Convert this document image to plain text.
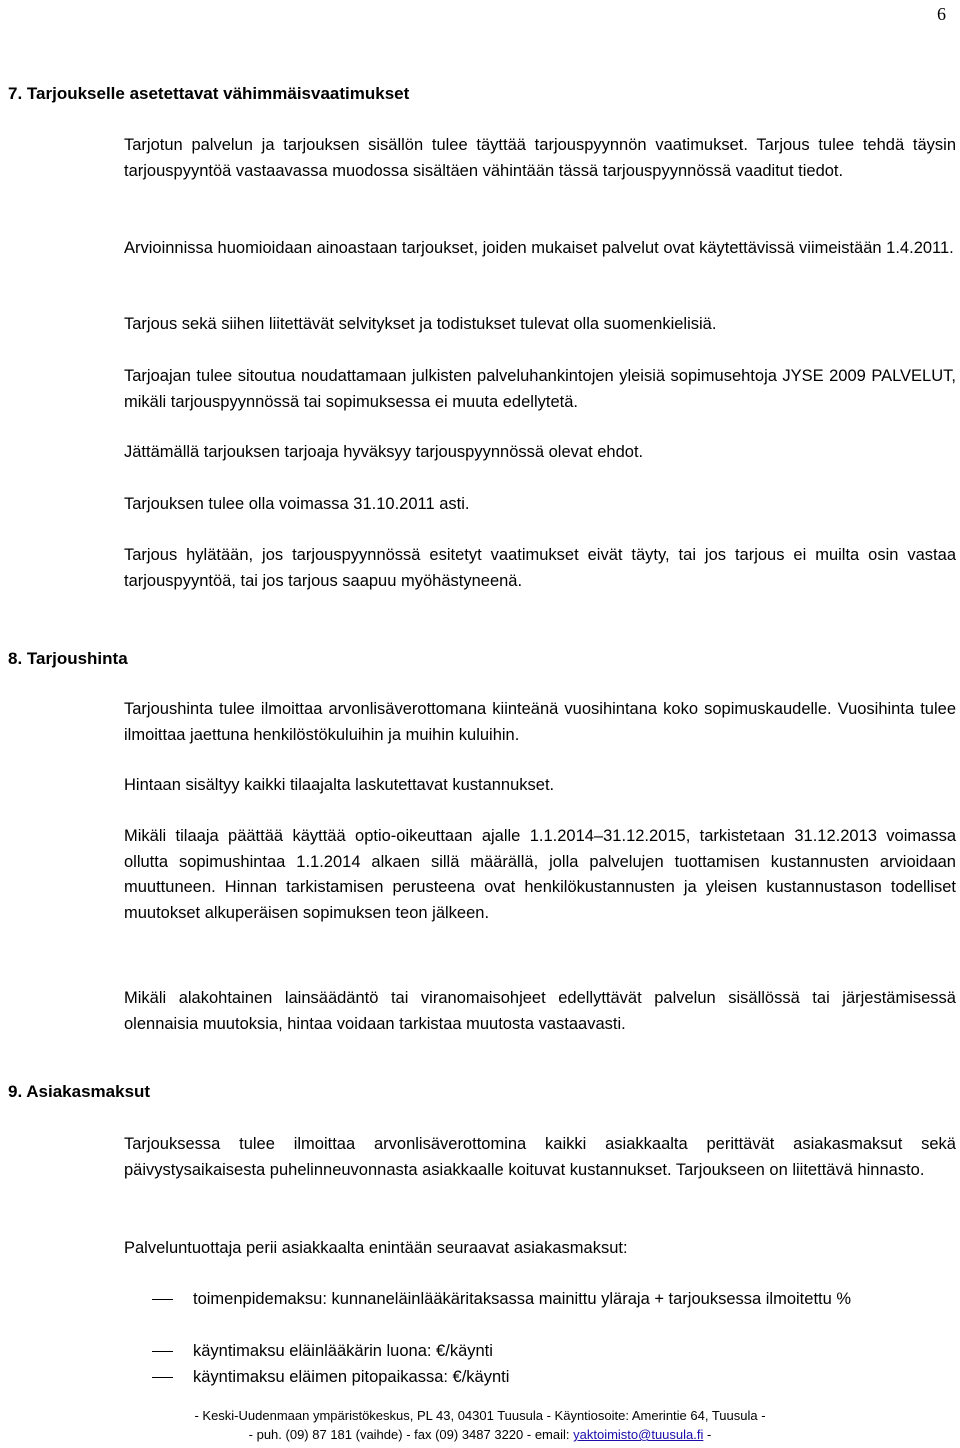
6
7. Tarjoukselle asetettavat vähimmäisvaatimukset

Tarjotun palvelun ja tarjouksen sisällön tulee täyttää tarjouspyynnön vaatimukset. Tarjous tulee tehdä täysin tarjouspyyntöä vastaavassa muodossa sisältäen vähintään tässä tarjouspyynnössä vaaditut tiedot.

Arvioinnissa huomioidaan ainoastaan tarjoukset, joiden mukaiset palvelut ovat käytettävissä viimeistään 1.4.2011.

Tarjous sekä siihen liitettävät selvitykset ja todistukset tulevat olla suomenkielisiä.

Tarjoajan tulee sitoutua noudattamaan julkisten palveluhankintojen yleisiä sopimusehtoja JYSE 2009 PALVELUT, mikäli tarjouspyynnössä tai sopimuksessa ei muuta edellytetä.

Jättämällä tarjouksen tarjoaja hyväksyy tarjouspyynnössä olevat ehdot.

Tarjouksen tulee olla voimassa 31.10.2011 asti.

Tarjous hylätään, jos tarjouspyynnössä esitetyt vaatimukset eivät täyty, tai jos tarjous ei muilta osin vastaa tarjouspyyntöä, tai jos tarjous saapuu myöhästyneenä.

8. Tarjoushinta

Tarjoushinta tulee ilmoittaa arvonlisäverottomana kiinteänä vuosihintana koko sopimuskaudelle. Vuosihinta tulee ilmoittaa jaettuna henkilöstökuluihin ja muihin kuluihin.

Hintaan sisältyy kaikki tilaajalta laskutettavat kustannukset.

Mikäli tilaaja päättää käyttää optio-oikeuttaan ajalle 1.1.2014–31.12.2015, tarkistetaan 31.12.2013 voimassa ollutta sopimushintaa 1.1.2014 alkaen sillä määrällä, jolla palvelujen tuottamisen kustannusten arvioidaan muuttuneen. Hinnan tarkistamisen perusteena ovat henkilökustannusten ja yleisen kustannustason todelliset muutokset alkuperäisen sopimuksen teon jälkeen.

Mikäli alakohtainen lainsäädäntö tai viranomaisohjeet edellyttävät palvelun sisällössä tai järjestämisessä olennaisia muutoksia, hintaa voidaan tarkistaa muutosta vastaavasti.

9. Asiakasmaksut

Tarjouksessa tulee ilmoittaa arvonlisäverottomina kaikki asiakkaalta perittävät asiakasmaksut sekä päivystysaikaisesta puhelinneuvonnasta asiakkaalle koituvat kustannukset. Tarjoukseen on liitettävä hinnasto.

Palveluntuottaja perii asiakkaalta enintään seuraavat asiakasmaksut:

toimenpidemaksu: kunnaneläinlääkäritaksassa mainittu yläraja + tarjouksessa ilmoitettu %
käyntimaksu eläinlääkärin luona: €/käynti
käyntimaksu eläimen pitopaikassa: €/käynti
- Keski-Uudenmaan ympäristökeskus, PL 43, 04301 Tuusula - Käyntiosoite: Amerintie 64, Tuusula -
- puh. (09) 87 181 (vaihde) - fax (09) 3487 3220 - email: yaktoimisto@tuusula.fi -
